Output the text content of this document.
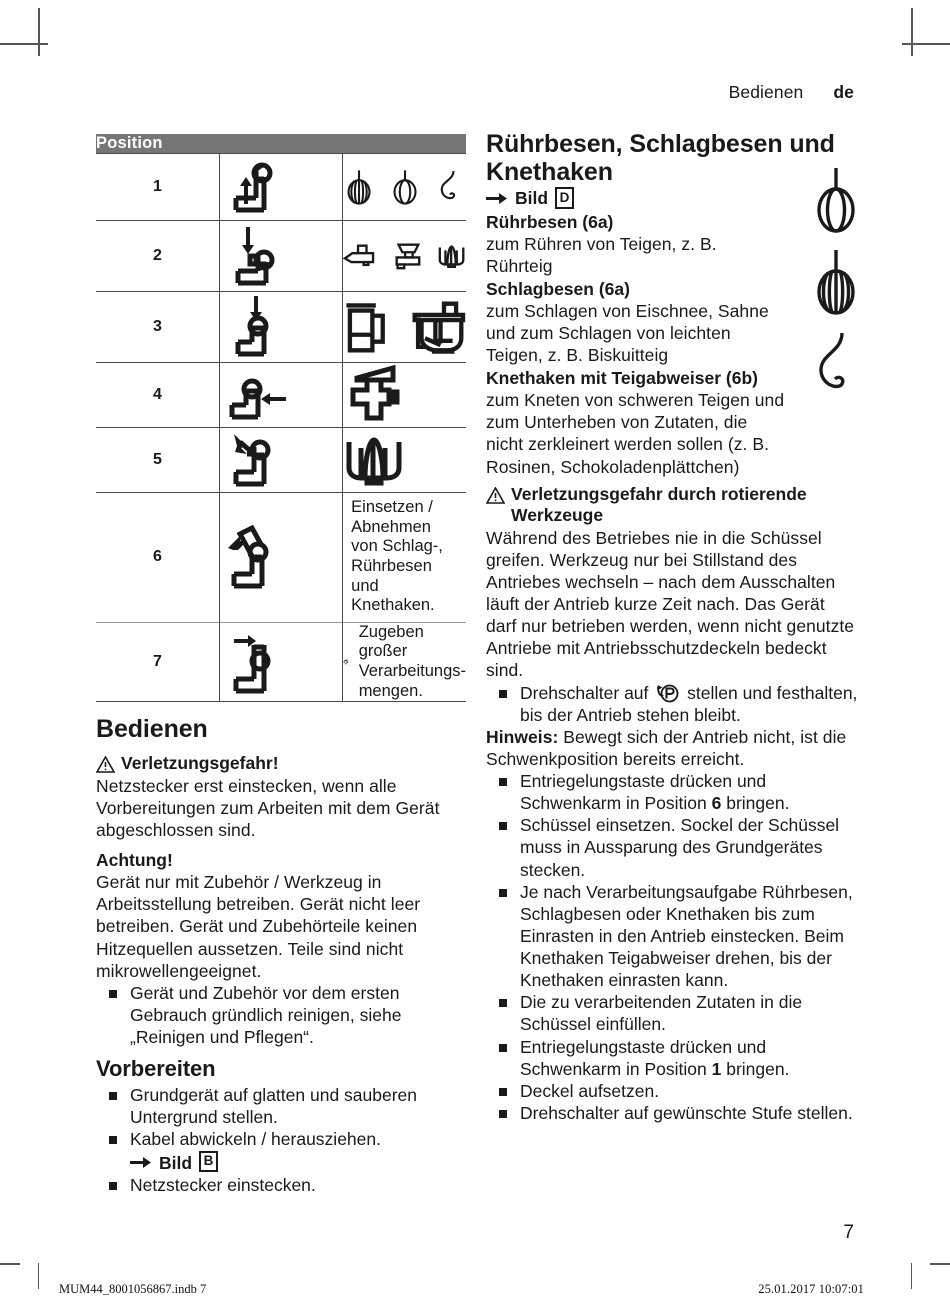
Bedienen de
Position		
1	

2	

3	

4	

5	

6		Einsetzen / Abnehmen von Schlag-, Rührbesen und Knethaken.
7		Zugeben großer Verarbeitungs- mengen.
Bedienen
Verletzungsgefahr!

Netzstecker erst einstecken, wenn alle Vorbereitungen zum Arbeiten mit dem Gerät abgeschlossen sind.

Achtung!

Gerät nur mit Zubehör / Werkzeug in Arbeitsstellung betreiben. Gerät nicht leer betreiben. Gerät und Zubehörteile keinen Hitzequellen aussetzen. Teile sind nicht mikrowellengeeignet.

Gerät und Zubehör vor dem ersten Gebrauch gründlich reinigen, siehe „Reinigen und Pflegen“.
Vorbereiten
Grundgerät auf glatten und sauberen Untergrund stellen.
Kabel abwickeln / herausziehen.
Bild B
Netzstecker einstecken.
Rührbesen, Schlagbesen und Knethaken
Bild D
Rührbesen (6a)

zum Rühren von Teigen, z. B. Rührteig

Schlagbesen (6a)

zum Schlagen von Eischnee, Sahne und zum Schlagen von leichten Teigen, z. B. Biskuitteig

Knethaken mit Teigabweiser (6b)

zum Kneten von schweren Teigen und zum Unterheben von Zutaten, die nicht zerkleinert werden sollen (z. B. Rosinen, Schokoladenplättchen)

Verletzungsgefahr durch rotierende Werkzeuge

Während des Betriebes nie in die Schüssel greifen. Werkzeug nur bei Stillstand des Antriebes wechseln – nach dem Ausschalten läuft der Antrieb kurze Zeit nach. Das Gerät darf nur betrieben werden, wenn nicht genutzte Antriebe mit Antriebsschutzdeckeln bedeckt sind.

Drehschalter auf stellen und festhalten, bis der Antrieb stehen bleibt.

Hinweis: Bewegt sich der Antrieb nicht, ist die Schwenkposition bereits erreicht.

Entriegelungstaste drücken und Schwenkarm in Position 6 bringen.
Schüssel einsetzen. Sockel der Schüssel muss in Aussparung des Grundgerätes stecken.
Je nach Verarbeitungsaufgabe Rührbesen, Schlagbesen oder Knethaken bis zum Einrasten in den Antrieb einstecken. Beim Knethaken Teigabweiser drehen, bis der Knethaken einrasten kann.
Die zu verarbeitenden Zutaten in die Schüssel einfüllen.
Entriegelungstaste drücken und Schwenkarm in Position 1 bringen.
Deckel aufsetzen.
Drehschalter auf gewünschte Stufe stellen.
7
MUM44_8001056867.indb 7	25.01.2017 10:07:01
